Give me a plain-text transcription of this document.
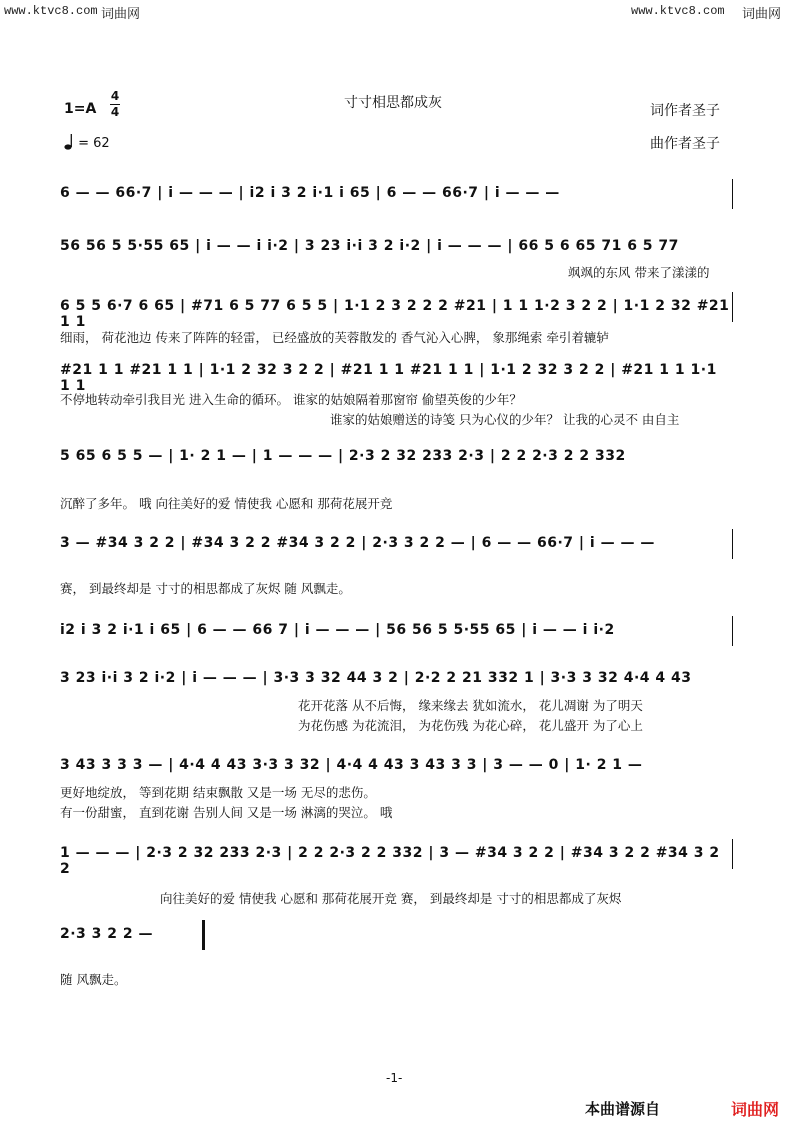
www.ktvc8.com 词曲网	www.ktvc8.com 词曲网
寸寸相思都成灰	词作者圣子
曲作者圣子
1=A
4
4
= 62
6 — — 66·7 | i — — — | i2 i 3 2 i·1 i 65 | 6 — — 66·7 | i — — —
56 56 5 5·55 65 | i — — i i·2 | 3 23 i·i 3 2 i·2 | i — — — | 66 5 6 65 71 6 5 77
飒飒的东风 带来了漾漾的
6 5 5 6·7 6 65 | #71 6 5 77 6 5 5 | 1·1 2 3 2 2 2 #21 | 1 1 1·2 3 2 2 | 1·1 2 32 #21 1 1
细雨， 荷花池边 传来了阵阵的轻雷， 已经盛放的芙蓉散发的 香气沁入心脾， 象那绳索 牵引着辘轳
#21 1 1 #21 1 1 | 1·1 2 32 3 2 2 | #21 1 1 #21 1 1 | 1·1 2 32 3 2 2 | #21 1 1 1·1 1 1
不停地转动牵引我目光 进入生命的循环。 谁家的姑娘隔着那窗帘 偷望英俊的少年？
谁家的姑娘赠送的诗笺 只为心仪的少年？ 让我的心灵不 由自主
5 65 6 5 5 — | 1· 2 1 — | 1 — — — | 2·3 2 32 233 2·3 | 2 2 2·3 2 2 332
沉醉了多年。 哦 向往美好的爱 情使我 心愿和 那荷花展开竞
3 — #34 3 2 2 | #34 3 2 2 #34 3 2 2 | 2·3 3 2 2 — | 6 — — 66·7 | i — — —
赛， 到最终却是 寸寸的相思都成了灰烬 随 风飘走。
i2 i 3 2 i·1 i 65 | 6 — — 66 7 | i — — — | 56 56 5 5·55 65 | i — — i i·2
3 23 i·i 3 2 i·2 | i — — — | 3·3 3 32 44 3 2 | 2·2 2 21 332 1 | 3·3 3 32 4·4 4 43
花开花落 从不后悔， 缘来缘去 犹如流水， 花儿凋谢 为了明天
为花伤感 为花流泪， 为花伤残 为花心碎， 花儿盛开 为了心上
3 43 3 3 3 — | 4·4 4 43 3·3 3 32 | 4·4 4 43 3 43 3 3 | 3 — — 0 | 1· 2 1 —
更好地绽放， 等到花期 结束飘散 又是一场 无尽的悲伤。
有一份甜蜜， 直到花谢 告别人间 又是一场 淋漓的哭泣。 哦
1 — — — | 2·3 2 32 233 2·3 | 2 2 2·3 2 2 332 | 3 — #34 3 2 2 | #34 3 2 2 #34 3 2 2
向往美好的爱 情使我 心愿和 那荷花展开竞 赛， 到最终却是 寸寸的相思都成了灰烬
2·3 3 2 2 —
随 风飘走。
-1-
本曲谱源自	词曲网
